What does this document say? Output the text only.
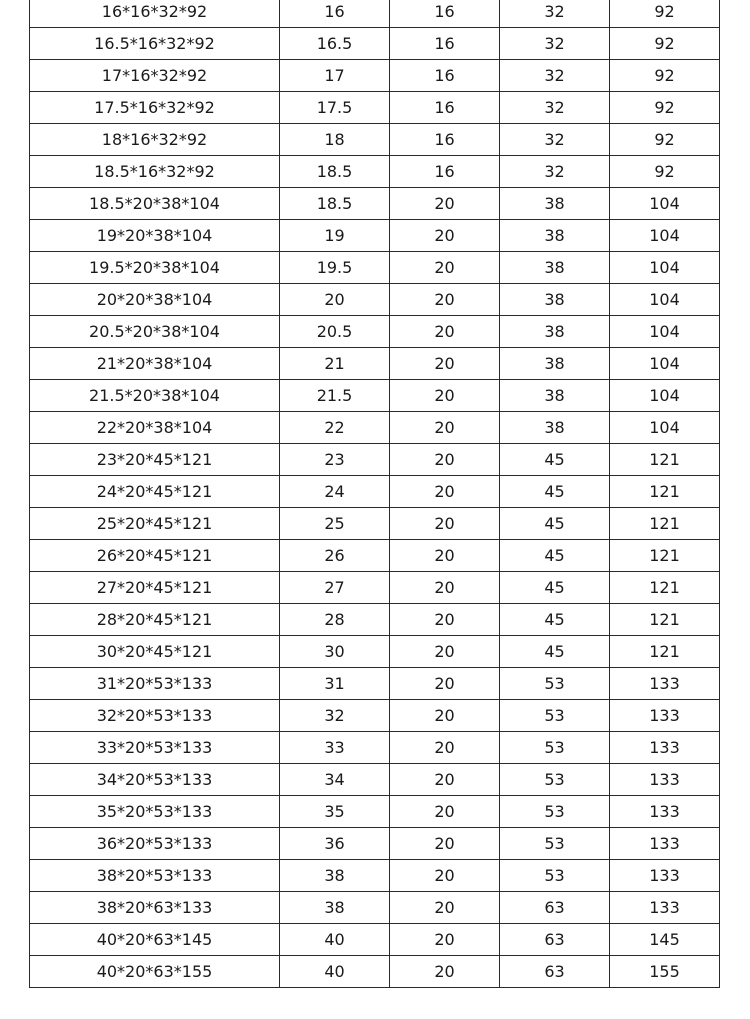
16*16*32*92	16	16	32	92
16.5*16*32*92	16.5	16	32	92
17*16*32*92	17	16	32	92
17.5*16*32*92	17.5	16	32	92
18*16*32*92	18	16	32	92
18.5*16*32*92	18.5	16	32	92
18.5*20*38*104	18.5	20	38	104
19*20*38*104	19	20	38	104
19.5*20*38*104	19.5	20	38	104
20*20*38*104	20	20	38	104
20.5*20*38*104	20.5	20	38	104
21*20*38*104	21	20	38	104
21.5*20*38*104	21.5	20	38	104
22*20*38*104	22	20	38	104
23*20*45*121	23	20	45	121
24*20*45*121	24	20	45	121
25*20*45*121	25	20	45	121
26*20*45*121	26	20	45	121
27*20*45*121	27	20	45	121
28*20*45*121	28	20	45	121
30*20*45*121	30	20	45	121
31*20*53*133	31	20	53	133
32*20*53*133	32	20	53	133
33*20*53*133	33	20	53	133
34*20*53*133	34	20	53	133
35*20*53*133	35	20	53	133
36*20*53*133	36	20	53	133
38*20*53*133	38	20	53	133
38*20*63*133	38	20	63	133
40*20*63*145	40	20	63	145
40*20*63*155	40	20	63	155
